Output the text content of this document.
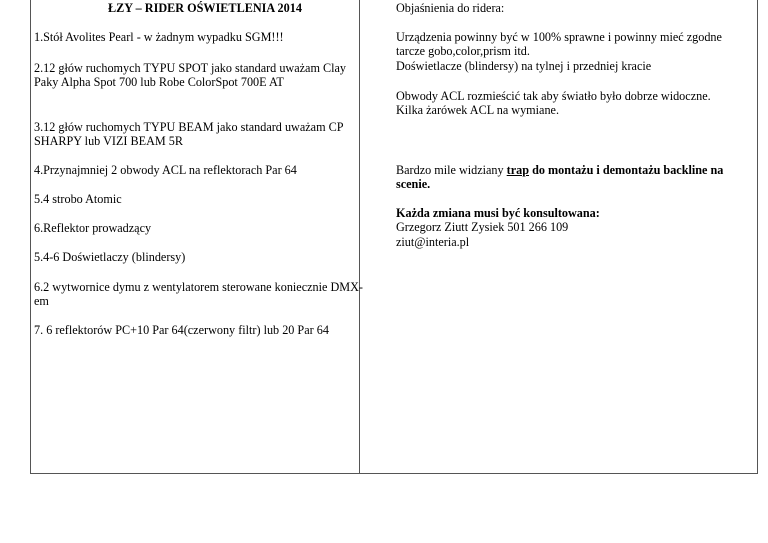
ŁZY – RIDER OŚWIETLENIA 2014
1.Stół Avolites Pearl - w żadnym wypadku SGM!!!
2.12 głów ruchomych TYPU SPOT jako standard uważam Clay
Paky Alpha Spot 700 lub Robe ColorSpot 700E AT
3.12 głów ruchomych TYPU BEAM jako standard uważam CP
SHARPY lub VIZI BEAM 5R
4.Przynajmniej 2 obwody ACL na reflektorach Par 64
5.4 strobo Atomic
6.Reflektor prowadzący
5.4-6 Doświetlaczy (blindersy)
6.2 wytwornice dymu z wentylatorem sterowane koniecznie DMX-
em
7. 6 reflektorów PC+10 Par 64(czerwony filtr) lub 20 Par 64
Objaśnienia do ridera:
Urządzenia powinny być w 100% sprawne i powinny mieć zgodne
tarcze gobo,color,prism itd.
Doświetlacze (blindersy) na tylnej i przedniej kracie
Obwody ACL rozmieścić tak aby światło było dobrze widoczne.
Kilka żarówek ACL na wymiane.
Bardzo mile widziany trap do montażu i demontażu backline na
scenie.
Każda zmiana musi być konsultowana:
Grzegorz Ziutt Zysiek 501 266 109
ziut@interia.pl
